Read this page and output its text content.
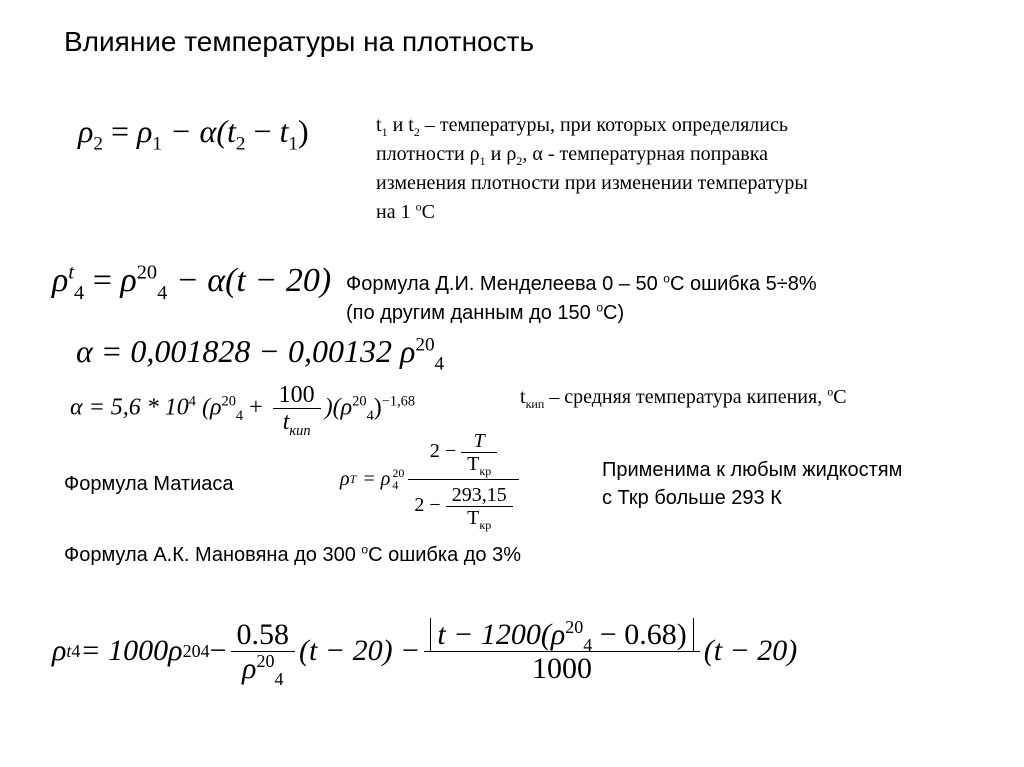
Влияние температуры на плотность
$\rho_2 = \rho_1 - \alpha(t_2 - t_1)$	$t_1$ и $t_2$ – температуры, при которых определялись
плотности $\rho_1$ и $\rho_2$, α - температурная поправка
изменения плотности при изменении температуры
на 1 $^о$С
$\rho^t_4 = \rho^{20}_4 - \alpha(t - 20)$ Формула Д.И. Менделеева 0 – 50 $^о$С ошибка 5÷8%
(по другим данным до 150 $^о$С)
α = 0,001828 − 0,00132 $\rho^{20}_4$
$\alpha = 5,6 * 10^4$ $(\rho^{20}_4 + \frac{100}{t_{кип}} )(\rho^{20}_4)^{-1,68}$	$t_{кип}$ – средняя температура кипения, $^о$С
Формула Матиаса	ρ T = ρ 20
$4 \frac{2 - \frac{T}{T_{кр}}}{2 - \frac{293,15}{T_{кр}}}$	Применима к любым жидкостям
с Ткр больше 293 К
Формула А.К. Мановяна до 300 $^о$С ошибка до 3%
ρ t 4 = 1000ρ 20 $4 - \frac{0.58}{\rho^{20}_4} (t - 20) - \frac{t - 1200(\rho^{20}_4 - 0.68)}{1000} (t - 20)$
